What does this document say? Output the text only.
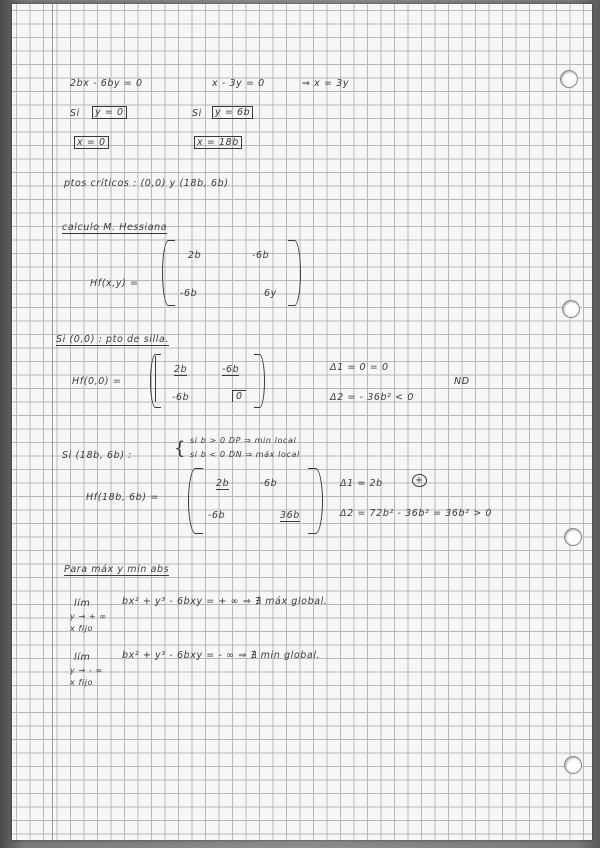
2bx - 6by = 0	x - 3y = 0	⇒ x = 3y
Si	y = 0	Si	y = 6b
x = 0	x = 18b
ptos críticos : (0,0) y (18b, 6b)
calculo M. Hessiana
Hf(x,y) =
2b	-6b
-6b	6y
Si (0,0) : pto de silla.
Hf(0,0) =
2b	-6b
-6b	0
Δ1 = 0 = 0
Δ2 = - 36b² < 0
ND
Si (18b, 6b) : { si b > 0 DP ⇒ min local
si b < 0 DN ⇒ máx local
Hf(18b, 6b) =
2b	-6b
-6b	36b
Δ1 = 2b	+
Δ2 = 72b² - 36b² = 36b² > 0
Para máx y min abs
lím	bx² + y³ - 6bxy = + ∞ ⇒ ∄ máx global.
y → + ∞
x fijo
lím	bx² + y³ - 6bxy = - ∞ ⇒ ∄ min global.
y → - ∞
x fijo
